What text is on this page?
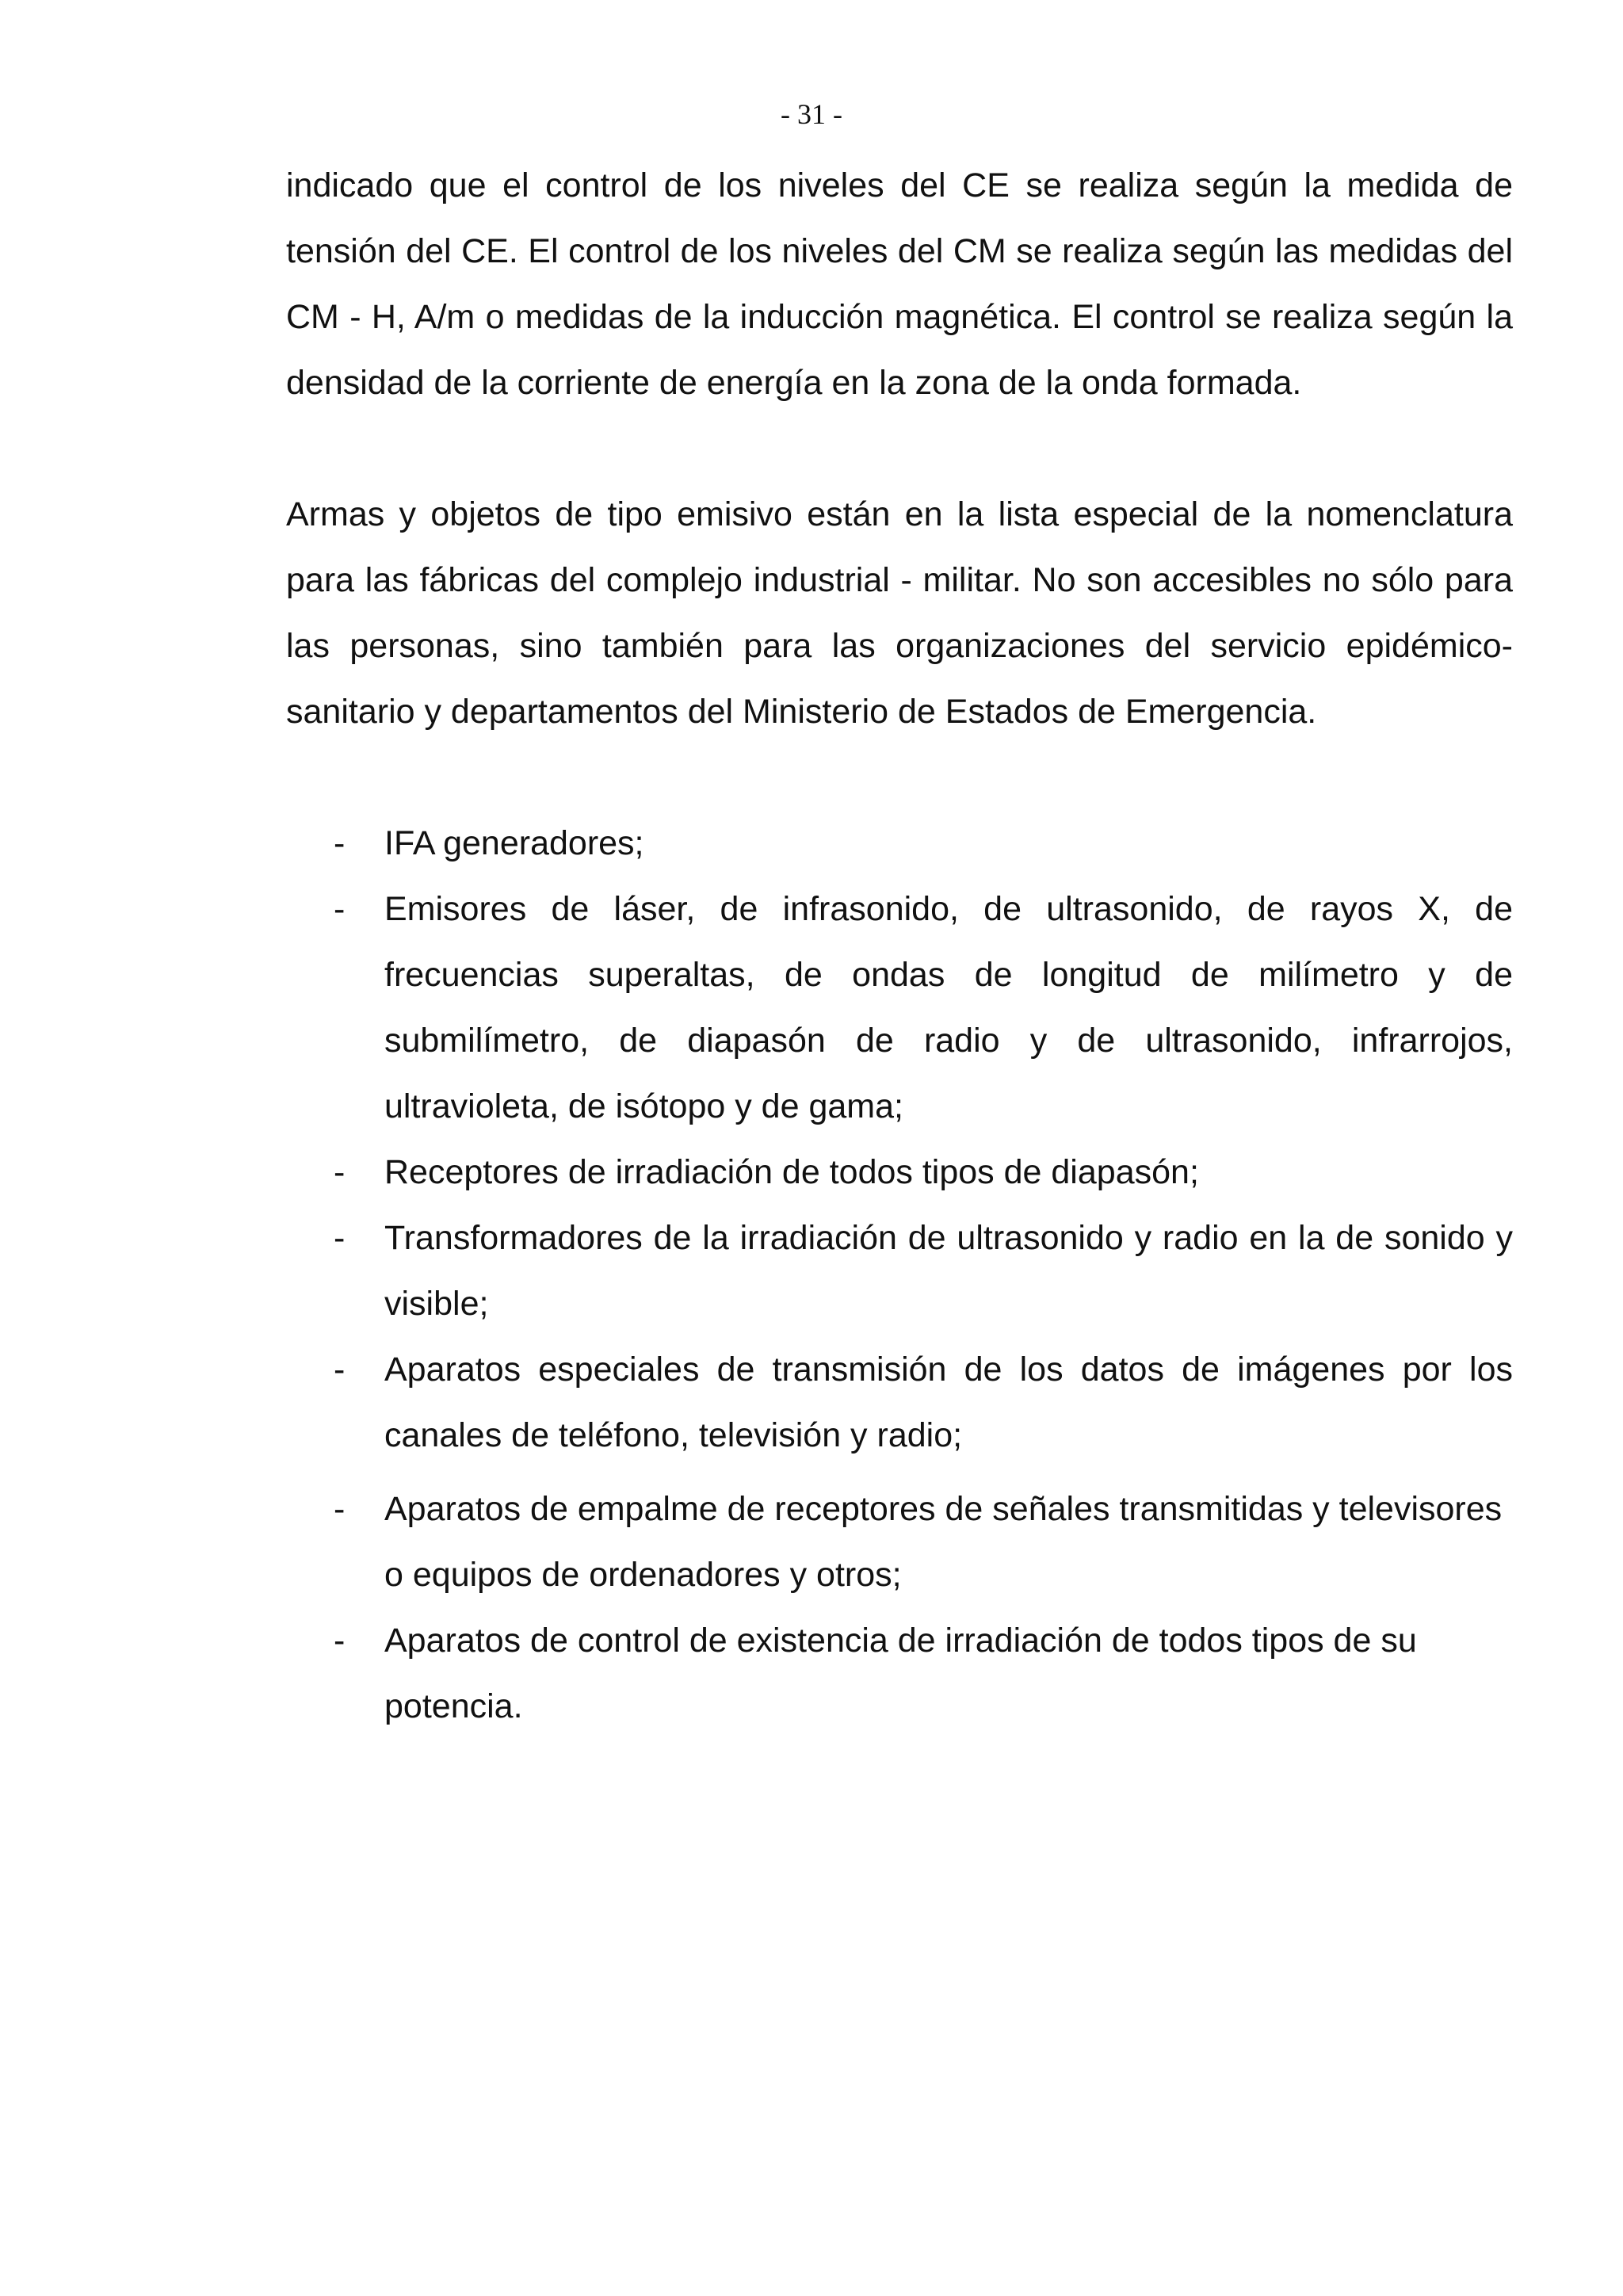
- 31 -

indicado que el control de los niveles del CE se realiza según la medida de tensión del CE. El control de los niveles del CM se realiza según las medidas del CM - H, A/m o medidas de la inducción magnética. El control se realiza según la densidad de la corriente de energía en la zona de la onda formada.

Armas y objetos de tipo emisivo están en la lista especial de la nomenclatura para las fábricas del complejo industrial - militar. No son accesibles no sólo para las personas, sino también para las organizaciones del servicio epidémico-sanitario y departamentos del Ministerio de Estados de Emergencia.

- IFA generadores;
- Emisores de láser, de infrasonido, de ultrasonido, de rayos X, de frecuencias superaltas, de ondas de longitud de milímetro y de submilímetro, de diapasón de radio y de ultrasonido, infrarrojos, ultravioleta, de isótopo y de gama;
- Receptores de irradiación de todos tipos de diapasón;
- Transformadores de la irradiación de ultrasonido y radio en la de sonido y visible;
- Aparatos especiales de transmisión de los datos de imágenes por los canales de teléfono, televisión y radio;
- Aparatos de empalme de receptores de señales transmitidas y televisores o equipos de ordenadores y otros;
- Aparatos de control de existencia de irradiación de todos tipos de su potencia.
